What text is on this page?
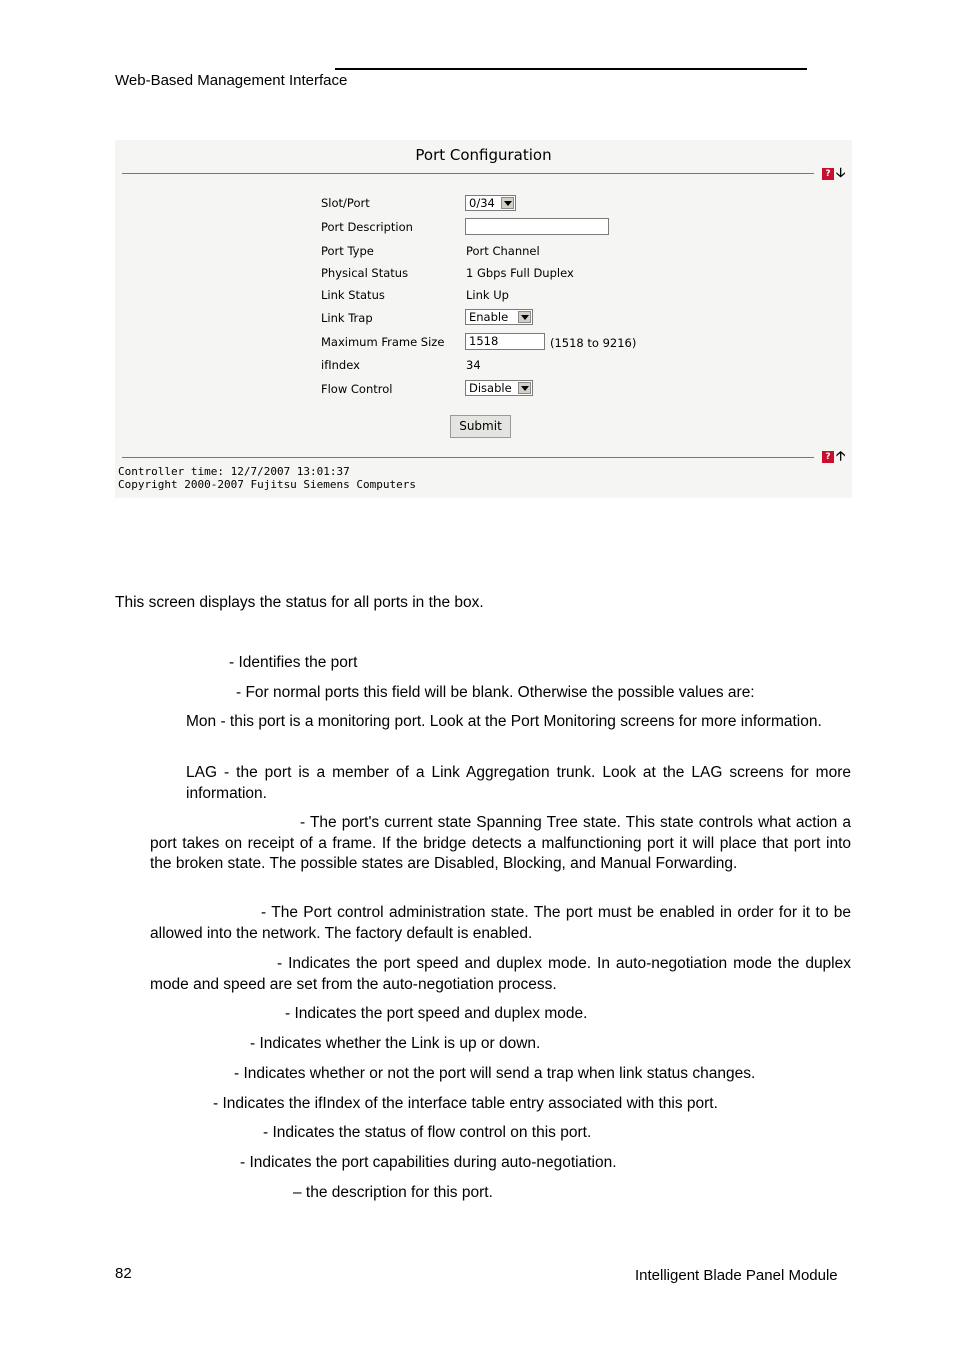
Web-Based Management Interface
Port Configuration
? 🡣
Slot/Port	0/34
Port Description
Port Type	Port Channel
Physical Status	1 Gbps Full Duplex
Link Status	Link Up
Link Trap	Enable
Maximum Frame Size	1518	(1518 to 9216)
ifIndex	34
Flow Control	Disable
Submit
? 🡡
Controller time: 12/7/2007 13:01:37
Copyright 2000-2007 Fujitsu Siemens Computers
This screen displays the status for all ports in the box.
- Identifies the port
- For normal ports this field will be blank. Otherwise the possible values are:
Mon - this port is a monitoring port. Look at the Port Monitoring screens for more information.
LAG - the port is a member of a Link Aggregation trunk. Look at the LAG screens for more information.
- The port's current state Spanning Tree state. This state controls what action a port takes on receipt of a frame. If the bridge detects a malfunctioning port it will place that port into the broken state. The possible states are Disabled, Blocking, and Manual Forwarding.
- The Port control administration state. The port must be enabled in order for it to be allowed into the network. The factory default is enabled.
- Indicates the port speed and duplex mode. In auto-negotiation mode the duplex mode and speed are set from the auto-negotiation process.
- Indicates the port speed and duplex mode.
- Indicates whether the Link is up or down.
- Indicates whether or not the port will send a trap when link status changes.
- Indicates the ifIndex of the interface table entry associated with this port.
- Indicates the status of flow control on this port.
- Indicates the port capabilities during auto-negotiation.
– the description for this port.
82	Intelligent Blade Panel Module
